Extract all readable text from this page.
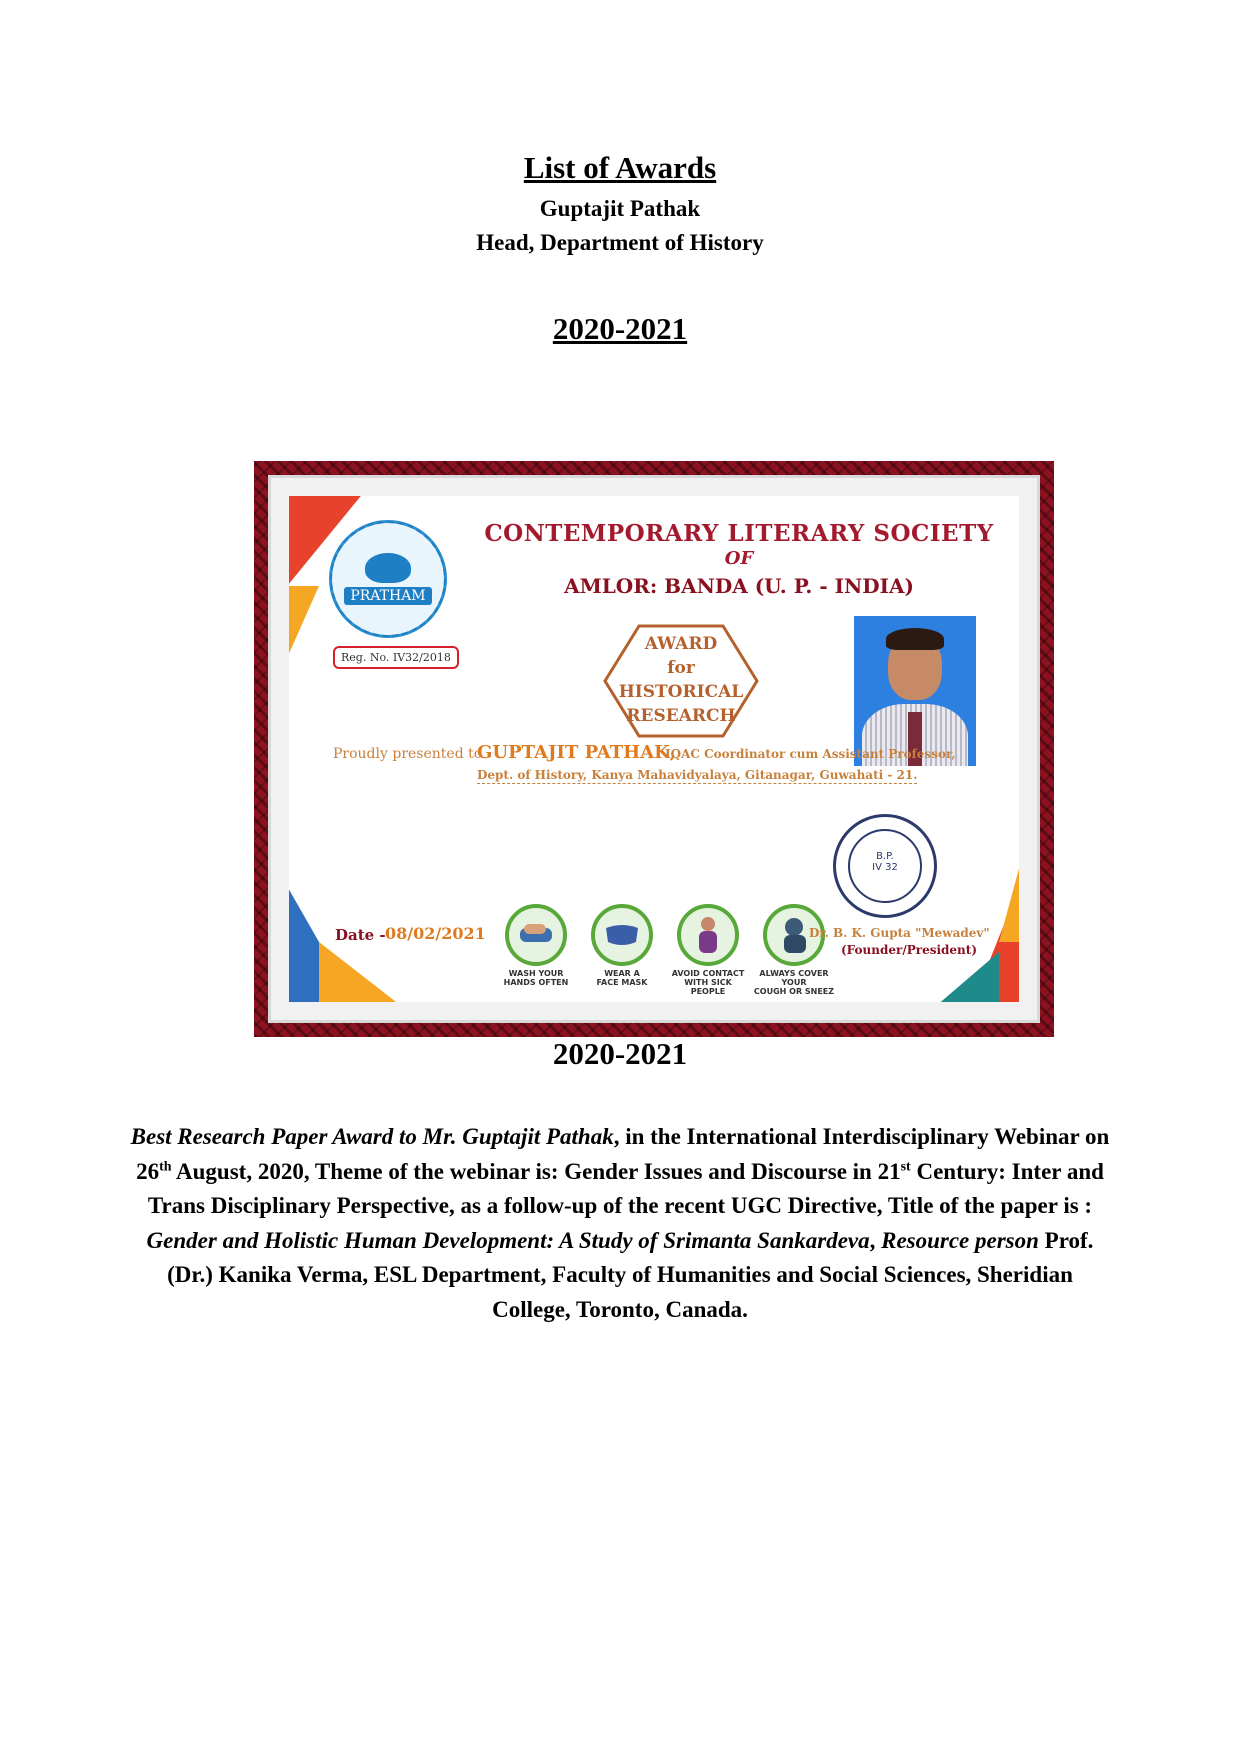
List of Awards
Guptajit Pathak
Head, Department of History
2020-2021
PRATHAM
Reg. No. IV32/2018
CONTEMPORARY LITERARY SOCIETY
OF
AMLOR: BANDA (U. P. - INDIA)
AWARD
for
HISTORICAL
RESEARCH
Proudly presented to -
GUPTAJIT PATHAK,
IQAC Coordinator cum Assistant Professor,
Dept. of History, Kanya Mahavidyalaya, Gitanagar, Guwahati - 21.
B.P.
IV 32
Date - 08/02/2021
WASH YOUR
HANDS OFTEN
WEAR A
FACE MASK
AVOID CONTACT
WITH SICK PEOPLE
ALWAYS COVER YOUR
COUGH OR SNEEZ
Dr. B. K. Gupta "Mewadev"
(Founder/President)
2020-2021
Best Research Paper Award to Mr. Guptajit Pathak, in the International Interdisciplinary Webinar on 26th August, 2020, Theme of the webinar is: Gender Issues and Discourse in 21st Century: Inter and Trans Disciplinary Perspective, as a follow-up of the recent UGC Directive, Title of the paper is : Gender and Holistic Human Development: A Study of Srimanta Sankardeva, Resource person Prof. (Dr.) Kanika Verma, ESL Department, Faculty of Humanities and Social Sciences, Sheridian College, Toronto, Canada.
